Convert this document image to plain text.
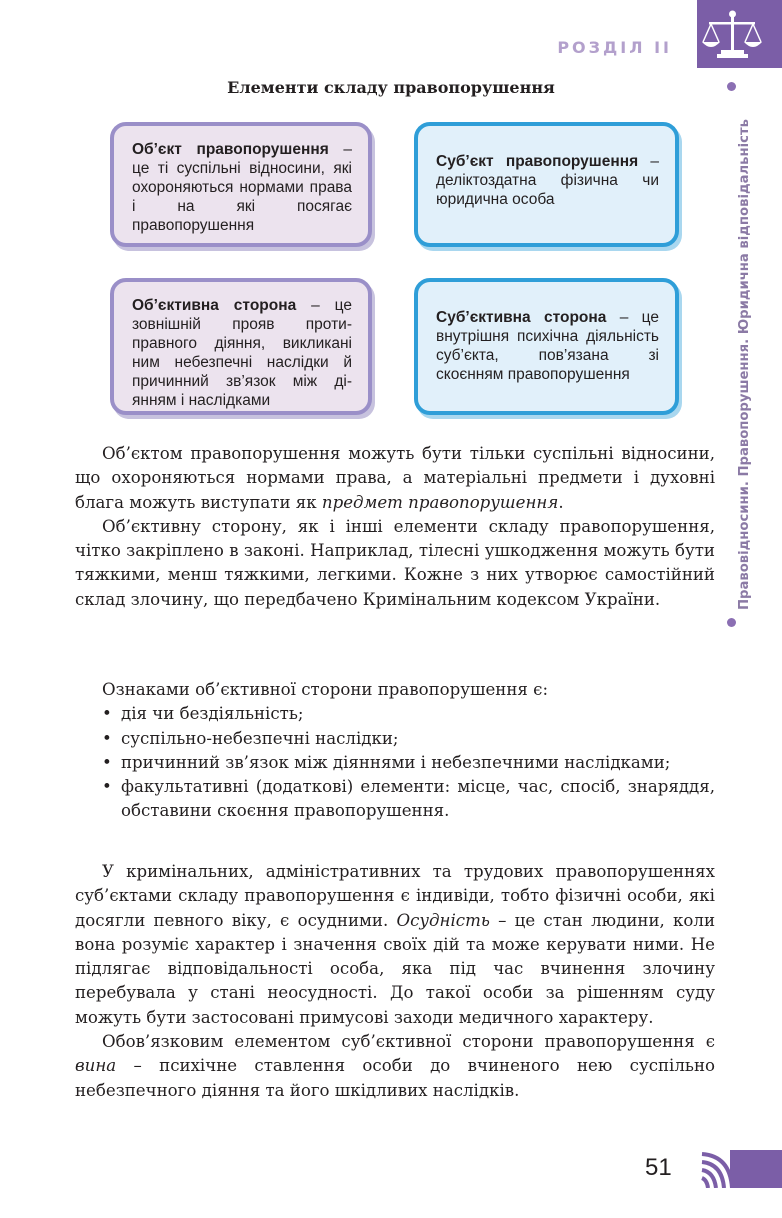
РОЗДІЛ II
Правовідносини. Правопорушення. Юридична відповідальність
Елементи складу правопорушення
Об’єкт правопорушення – це ті суспільні відносини, які охороняються нормами права і на які посягає правопорушення
Суб’єкт правопорушення – деліктоздатна фізична чи юридична особа
Об’єктивна сторона – це зовнішній прояв протиправного діяння, викликані ним небезпечні наслідки й причинний зв’язок між діянням і наслідками
Суб’єктивна сторона – це внутрішня психічна діяльність суб’єкта, пов’язана зі скоєнням правопорушення

Об’єктом правопорушення можуть бути тільки суспільні відносини, що охороняються нормами права, а матеріальні предмети і духовні блага можуть виступати як предмет правопорушення.

Об’єктивну сторону, як і інші елементи складу правопорушення, чітко закріплено в законі. Наприклад, тілесні ушкодження можуть бути тяжкими, менш тяжкими, легкими. Кожне з них утворює самостійний склад злочину, що передбачено Кримінальним кодексом України.

Ознаками об’єктивної сторони правопорушення є:
• дія чи бездіяльність;
• суспільно-небезпечні наслідки;
• причинний зв’язок між діяннями і небезпечними наслідками;
• факультативні (додаткові) елементи: місце, час, спосіб, знаряддя, обставини скоєння правопорушення.

У кримінальних, адміністративних та трудових правопорушеннях суб’єктами складу правопорушення є індивіди, тобто фізичні особи, які досягли певного віку, є осудними. Осудність – це стан людини, коли вона розуміє характер і значення своїх дій та може керувати ними. Не підлягає відповідальності особа, яка під час вчинення злочину перебувала у стані неосудності. До такої особи за рішенням суду можуть бути застосовані примусові заходи медичного характеру.

Обов’язковим елементом суб’єктивної сторони правопорушення є вина – психічне ставлення особи до вчиненого нею суспільно небезпечного діяння та його шкідливих наслідків.

51
